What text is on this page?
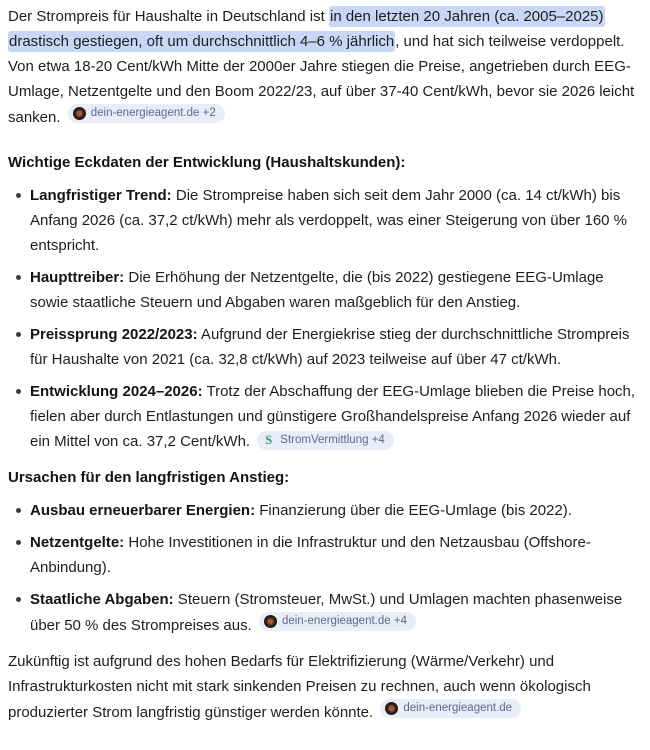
Der Strompreis für Haushalte in Deutschland ist in den letzten 20 Jahren (ca. 2005–2025) drastisch gestiegen, oft um durchschnittlich 4–6 % jährlich, und hat sich teilweise verdoppelt. Von etwa 18-20 Cent/kWh Mitte der 2000er Jahre stiegen die Preise, angetrieben durch EEG-Umlage, Netzentgelte und den Boom 2022/23, auf über 37-40 Cent/kWh, bevor sie 2026 leicht sanken.	dein-energieagent.de +2

Wichtige Eckdaten der Entwicklung (Haushaltskunden):

Langfristiger Trend: Die Strompreise haben sich seit dem Jahr 2000 (ca. 14 ct/kWh) bis Anfang 2026 (ca. 37,2 ct/kWh) mehr als verdoppelt, was einer Steigerung von über 160 % entspricht.
Haupttreiber: Die Erhöhung der Netzentgelte, die (bis 2022) gestiegene EEG-Umlage sowie staatliche Steuern und Abgaben waren maßgeblich für den Anstieg.
Preissprung 2022/2023: Aufgrund der Energiekrise stieg der durchschnittliche Strompreis für Haushalte von 2021 (ca. 32,8 ct/kWh) auf 2023 teilweise auf über 47 ct/kWh.
Entwicklung 2024–2026: Trotz der Abschaffung der EEG-Umlage blieben die Preise hoch, fielen aber durch Entlastungen und günstigere Großhandelspreise Anfang 2026 wieder auf ein Mittel von ca. 37,2 Cent/kWh. S StromVermittlung +4

Ursachen für den langfristigen Anstieg:

Ausbau erneuerbarer Energien: Finanzierung über die EEG-Umlage (bis 2022).
Netzentgelte: Hohe Investitionen in die Infrastruktur und den Netzausbau (Offshore-Anbindung).
Staatliche Abgaben: Steuern (Stromsteuer, MwSt.) und Umlagen machten phasenweise über 50 % des Strompreises aus.	dein-energieagent.de +4

Zukünftig ist aufgrund des hohen Bedarfs für Elektrifizierung (Wärme/Verkehr) und Infrastrukturkosten nicht mit stark sinkenden Preisen zu rechnen, auch wenn ökologisch produzierter Strom langfristig günstiger werden könnte.	dein-energieagent.de
